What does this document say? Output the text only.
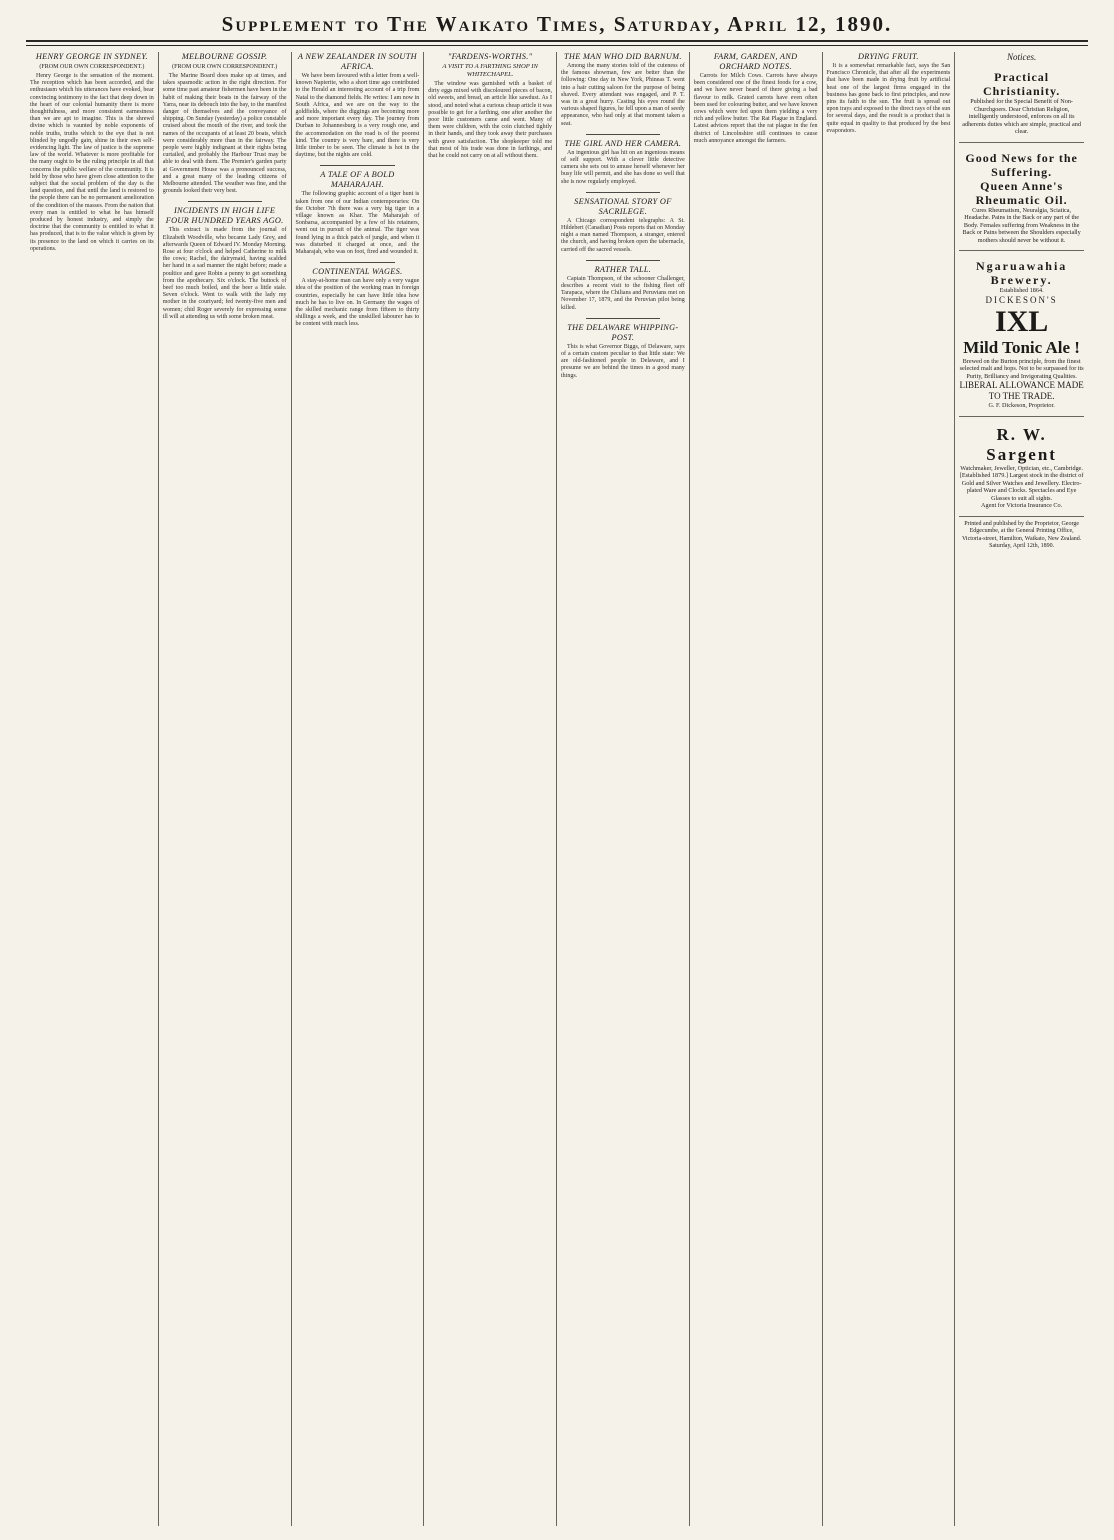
Supplement to The Waikato Times, Saturday, April 12, 1890.
HENRY GEORGE IN SYDNEY.
(FROM OUR OWN CORRESPONDENT.)
Henry George is the sensation of the moment. The reception which has been accorded, and the enthusiasm which his utterances have evoked, bear convincing testimony to the fact that deep down in the heart of our colonial humanity there is more thoughtfulness, and more consistent earnestness than we are apt to imagine. This is the shrewd divine which is vaunted by noble exponents of noble truths, truths which to the eye that is not blinded by ungodly gain, shine in their own self-evidencing light. The law of justice is the supreme law of the world. Whatever is more profitable for the many ought to be the ruling principle in all that concerns the public welfare of the community. It is held by those who have given close attention to the subject that the social problem of the day is the land question, and that until the land is restored to the people there can be no permanent amelioration of the condition of the masses. From the nation that every man is entitled to what he has himself produced by honest industry, and simply the doctrine that the community is entitled to what it has produced, that is to the value which is given by its presence to the land on which it carries on its operations.
MELBOURNE GOSSIP.
(FROM OUR OWN CORRESPONDENT.)
The Marine Board does make up at times, and takes spasmodic action in the right direction. For some time past amateur fishermen have been in the habit of making their boats in the fairway of the Yarra, near its debouch into the bay, to the manifest danger of themselves and the conveyance of shipping. On Sunday (yesterday) a police constable cruised about the mouth of the river, and took the names of the occupants of at least 20 boats, which were considerably more than in the fairway. The people were highly indignant at their rights being curtailed, and probably the Harbour Trust may be able to deal with them. The Premier's garden party at Government House was a pronounced success, and a great many of the leading citizens of Melbourne attended. The weather was fine, and the grounds looked their very best.
INCIDENTS IN HIGH LIFE FOUR HUNDRED YEARS AGO.
This extract is made from the journal of Elizabeth Woodville, who became Lady Grey, and afterwards Queen of Edward IV. Monday Morning. Rose at four o'clock and helped Catherine to milk the cows; Rachel, the dairymaid, having scalded her hand in a sad manner the night before; made a poultice and gave Robin a penny to get something from the apothecary. Six o'clock. The buttock of beef too much boiled, and the beer a little stale. Seven o'clock. Went to walk with the lady my mother in the courtyard; fed twenty-five men and women; chid Roger severely for expressing some ill will at attending us with some broken meat.
A NEW ZEALANDER IN SOUTH AFRICA.
We have been favoured with a letter from a well-known Napierite, who a short time ago contributed to the Herald an interesting account of a trip from Natal to the diamond fields. He writes: I am now in South Africa, and we are on the way to the goldfields, where the diggings are becoming more and more important every day. The journey from Durban to Johannesburg is a very rough one, and the accommodation on the road is of the poorest kind. The country is very bare, and there is very little timber to be seen. The climate is hot in the daytime, but the nights are cold.
A TALE OF A BOLD MAHARAJAH.
The following graphic account of a tiger hunt is taken from one of our Indian contemporaries: On the October 7th there was a very big tiger in a village known as Khar. The Maharajah of Sonbarsa, accompanied by a few of his retainers, went out in pursuit of the animal. The tiger was found lying in a thick patch of jungle, and when it was disturbed it charged at once, and the Maharajah, who was on foot, fired and wounded it.
CONTINENTAL WAGES.
A stay-at-home man can have only a very vague idea of the position of the working man in foreign countries, especially he can have little idea how much he has to live on. In Germany the wages of the skilled mechanic range from fifteen to thirty shillings a week, and the unskilled labourer has to be content with much less.
"FARDENS-WORTHS."
A VISIT TO A FARTHING SHOP IN WHITECHAPEL.
The window was garnished with a basket of dirty eggs mixed with discoloured pieces of bacon, old sweets, and bread, an article like sawdust. As I stood, and noted what a curious cheap article it was possible to get for a farthing, one after another the poor little customers came and went. Many of them were children, with the coin clutched tightly in their hands, and they took away their purchases with grave satisfaction. The shopkeeper told me that most of his trade was done in farthings, and that he could not carry on at all without them.
THE MAN WHO DID BARNUM.
Among the many stories told of the cuteness of the famous showman, few are better than the following: One day in New York, Phineas T. went into a hair cutting saloon for the purpose of being shaved. Every attendant was engaged, and P. T. was in a great hurry. Casting his eyes round the various shaped figures, he fell upon a man of seedy appearance, who had only at that moment taken a seat.
THE GIRL AND HER CAMERA.
An ingenious girl has hit on an ingenious means of self support. With a clever little detective camera she sets out to amuse herself whenever her busy life will permit, and she has done so well that she is now regularly employed.
SENSATIONAL STORY OF SACRILEGE.
A Chicago correspondent telegraphs: A St. Hildebert (Canadian) Posts reports that on Monday night a man named Thompson, a stranger, entered the church, and having broken open the tabernacle, carried off the sacred vessels.
RATHER TALL.
Captain Thompson, of the schooner Challenger, describes a recent visit to the fishing fleet off Tarapaca, where the Chilians and Peruvians met on November 17, 1879, and the Peruvian pilot being killed.
THE DELAWARE WHIPPING-POST.
This is what Governor Biggs, of Delaware, says of a certain custom peculiar to that little state: We are old-fashioned people in Delaware, and I presume we are behind the times in a good many things.
FARM, GARDEN, AND ORCHARD NOTES.
Carrots for Milch Cows. Carrots have always been considered one of the finest foods for a cow, and we have never heard of there giving a bad flavour to milk. Grated carrots have even often been used for colouring butter, and we have known cows which were fed upon them yielding a very rich and yellow butter. The Rat Plague in England. Latest advices report that the rat plague in the fen district of Lincolnshire still continues to cause much annoyance amongst the farmers.
DRYING FRUIT.
It is a somewhat remarkable fact, says the San Francisco Chronicle, that after all the experiments that have been made in drying fruit by artificial heat one of the largest firms engaged in the business has gone back to first principles, and now pins its faith to the sun. The fruit is spread out upon trays and exposed to the direct rays of the sun for several days, and the result is a product that is quite equal in quality to that produced by the best evaporators.
Notices.
Practical Christianity.
Published for the Special Benefit of Non-Churchgoers. Dear Christian Religion, intelligently understood, enforces on all its adherents duties which are simple, practical and clear.
Good News for the Suffering.
Queen Anne's Rheumatic Oil.
Cures Rheumatism, Neuralgia, Sciatica, Headache. Pains in the Back or any part of the Body. Females suffering from Weakness in the Back or Pains between the Shoulders especially mothers should never be without it.
Ngaruawahia Brewery.
Established 1864.
DICKESON'S
IXL
Mild Tonic Ale !
Brewed on the Burton principle, from the finest selected malt and hops. Not to be surpassed for its Purity, Brilliancy and Invigorating Qualities.
LIBERAL ALLOWANCE MADE TO THE TRADE.
G. F. Dickeson, Proprietor.
R. W. Sargent
Watchmaker, Jeweller, Optician, etc., Cambridge. [Established 1879.] Largest stock in the district of Gold and Silver Watches and Jewellery. Electro-plated Ware and Clocks. Spectacles and Eye Glasses to suit all sights.
Agent for Victoria Insurance Co.
Printed and published by the Proprietor, George Edgecumbe, at the General Printing Office, Victoria-street, Hamilton, Waikato, New Zealand. Saturday, April 12th, 1890.
